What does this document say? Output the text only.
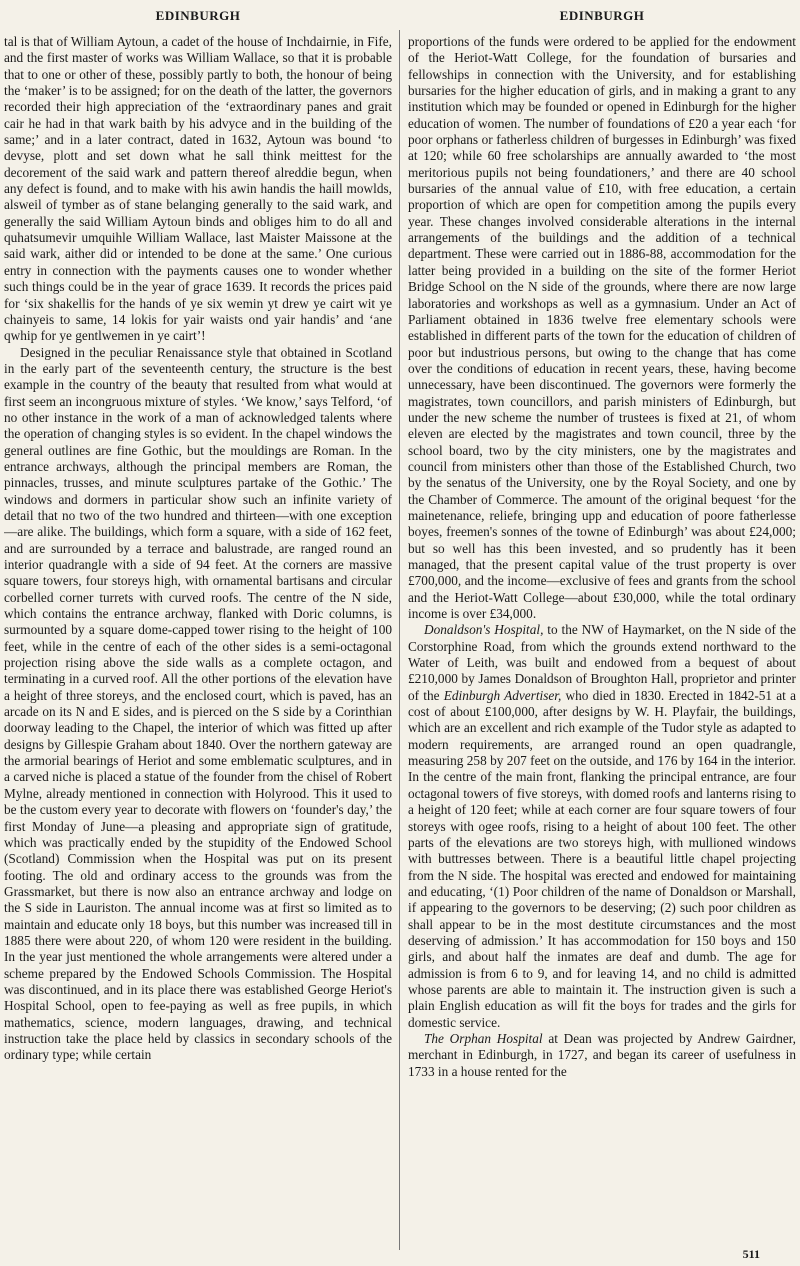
EDINBURGH	EDINBURGH

tal is that of William Aytoun, a cadet of the house of Inchdairnie, in Fife, and the first master of works was William Wallace, so that it is probable that to one or other of these, possibly partly to both, the honour of being the ‘maker’ is to be assigned; for on the death of the latter, the governors recorded their high appreciation of the ‘extraordinary panes and grait cair he had in that wark baith by his advyce and in the building of the same;’ and in a later contract, dated in 1632, Aytoun was bound ‘to devyse, plott and set down what he sall think meittest for the decorement of the said wark and pattern thereof alreddie begun, when any defect is found, and to make with his awin handis the haill mowlds, alsweil of tymber as of stane belanging generally to the said wark, and generally the said William Aytoun binds and obliges him to do all and quhatsumevir umquihle William Wallace, last Maister Maissone at the said wark, aither did or intended to be done at the same.’ One curious entry in connection with the payments causes one to wonder whether such things could be in the year of grace 1639. It records the prices paid for ‘six shakellis for the hands of ye six wemin yt drew ye cairt wit ye chainyeis to same, 14 lokis for yair waists ond yair handis’ and ‘ane qwhip for ye gentlwemen in ye cairt’!

Designed in the peculiar Renaissance style that obtained in Scotland in the early part of the seventeenth century, the structure is the best example in the country of the beauty that resulted from what would at first seem an incongruous mixture of styles. ‘We know,’ says Telford, ‘of no other instance in the work of a man of acknowledged talents where the operation of changing styles is so evident. In the chapel windows the general outlines are fine Gothic, but the mouldings are Roman. In the entrance archways, although the principal members are Roman, the pinnacles, trusses, and minute sculptures partake of the Gothic.’ The windows and dormers in particular show such an infinite variety of detail that no two of the two hundred and thirteen—with one exception—are alike. The buildings, which form a square, with a side of 162 feet, and are surrounded by a terrace and balustrade, are ranged round an interior quadrangle with a side of 94 feet. At the corners are massive square towers, four storeys high, with ornamental bartisans and circular corbelled corner turrets with curved roofs. The centre of the N side, which contains the entrance archway, flanked with Doric columns, is surmounted by a square dome-capped tower rising to the height of 100 feet, while in the centre of each of the other sides is a semi-octagonal projection rising above the side walls as a complete octagon, and terminating in a curved roof. All the other portions of the elevation have a height of three storeys, and the enclosed court, which is paved, has an arcade on its N and E sides, and is pierced on the S side by a Corinthian doorway leading to the Chapel, the interior of which was fitted up after designs by Gillespie Graham about 1840. Over the northern gateway are the armorial bearings of Heriot and some emblematic sculptures, and in a carved niche is placed a statue of the founder from the chisel of Robert Mylne, already mentioned in connection with Holyrood. This it used to be the custom every year to decorate with flowers on ‘founder's day,’ the first Monday of June—a pleasing and appropriate sign of gratitude, which was practically ended by the stupidity of the Endowed School (Scotland) Commission when the Hospital was put on its present footing. The old and ordinary access to the grounds was from the Grassmarket, but there is now also an entrance archway and lodge on the S side in Lauriston. The annual income was at first so limited as to maintain and educate only 18 boys, but this number was increased till in 1885 there were about 220, of whom 120 were resident in the building. In the year just mentioned the whole arrangements were altered under a scheme prepared by the Endowed Schools Commission. The Hospital was discontinued, and in its place there was established George Heriot's Hospital School, open to fee-paying as well as free pupils, in which mathematics, science, modern languages, drawing, and technical instruction take the place held by classics in secondary schools of the ordinary type; while certain

proportions of the funds were ordered to be applied for the endowment of the Heriot-Watt College, for the foundation of bursaries and fellowships in connection with the University, and for establishing bursaries for the higher education of girls, and in making a grant to any institution which may be founded or opened in Edinburgh for the higher education of women. The number of foundations of £20 a year each ‘for poor orphans or fatherless children of burgesses in Edinburgh’ was fixed at 120; while 60 free scholarships are annually awarded to ‘the most meritorious pupils not being foundationers,’ and there are 40 school bursaries of the annual value of £10, with free education, a certain proportion of which are open for competition among the pupils every year. These changes involved considerable alterations in the internal arrangements of the buildings and the addition of a technical department. These were carried out in 1886-88, accommodation for the latter being provided in a building on the site of the former Heriot Bridge School on the N side of the grounds, where there are now large laboratories and workshops as well as a gymnasium. Under an Act of Parliament obtained in 1836 twelve free elementary schools were established in different parts of the town for the education of children of poor but industrious persons, but owing to the change that has come over the conditions of education in recent years, these, having become unnecessary, have been discontinued. The governors were formerly the magistrates, town councillors, and parish ministers of Edinburgh, but under the new scheme the number of trustees is fixed at 21, of whom eleven are elected by the magistrates and town council, three by the school board, two by the city ministers, one by the magistrates and council from ministers other than those of the Established Church, two by the senatus of the University, one by the Royal Society, and one by the Chamber of Commerce. The amount of the original bequest ‘for the mainetenance, reliefe, bringing upp and education of poore fatherlesse boyes, freemen's sonnes of the towne of Edinburgh’ was about £24,000; but so well has this been invested, and so prudently has it been managed, that the present capital value of the trust property is over £700,000, and the income—exclusive of fees and grants from the school and the Heriot-Watt College—about £30,000, while the total ordinary income is over £34,000.

Donaldson's Hospital, to the NW of Haymarket, on the N side of the Corstorphine Road, from which the grounds extend northward to the Water of Leith, was built and endowed from a bequest of about £210,000 by James Donaldson of Broughton Hall, proprietor and printer of the Edinburgh Advertiser, who died in 1830. Erected in 1842-51 at a cost of about £100,000, after designs by W. H. Playfair, the buildings, which are an excellent and rich example of the Tudor style as adapted to modern requirements, are arranged round an open quadrangle, measuring 258 by 207 feet on the outside, and 176 by 164 in the interior. In the centre of the main front, flanking the principal entrance, are four octagonal towers of five storeys, with domed roofs and lanterns rising to a height of 120 feet; while at each corner are four square towers of four storeys with ogee roofs, rising to a height of about 100 feet. The other parts of the elevations are two storeys high, with mullioned windows with buttresses between. There is a beautiful little chapel projecting from the N side. The hospital was erected and endowed for maintaining and educating, ‘(1) Poor children of the name of Donaldson or Marshall, if appearing to the governors to be deserving; (2) such poor children as shall appear to be in the most destitute circumstances and the most deserving of admission.’ It has accommodation for 150 boys and 150 girls, and about half the inmates are deaf and dumb. The age for admission is from 6 to 9, and for leaving 14, and no child is admitted whose parents are able to maintain it. The instruction given is such a plain English education as will fit the boys for trades and the girls for domestic service.

The Orphan Hospital at Dean was projected by Andrew Gairdner, merchant in Edinburgh, in 1727, and began its career of usefulness in 1733 in a house rented for the

511
